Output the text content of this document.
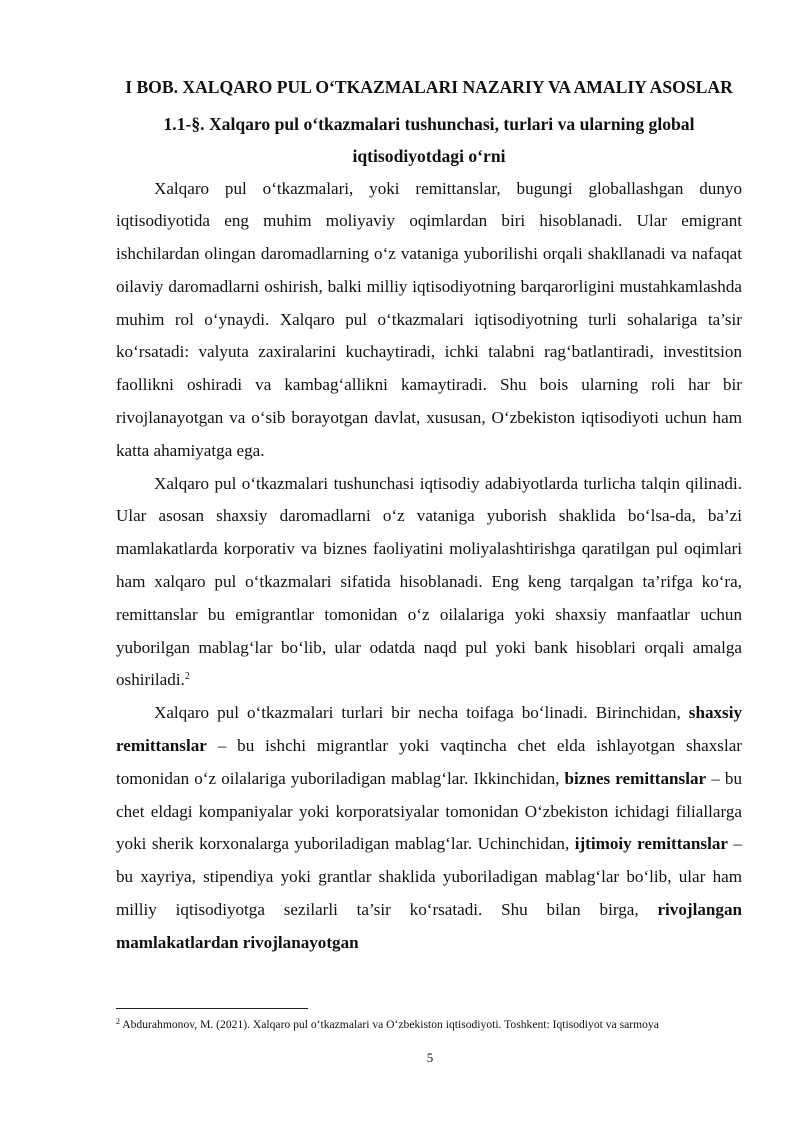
I BOB. XALQARO PUL O‘TKAZMALARI NAZARIY VA AMALIY ASOSLAR
1.1-§. Xalqaro pul o‘tkazmalari tushunchasi, turlari va ularning global iqtisodiyotdagi o‘rni

Xalqaro pul o‘tkazmalari, yoki remittanslar, bugungi globallashgan dunyo iqtisodiyotida eng muhim moliyaviy oqimlardan biri hisoblanadi. Ular emigrant ishchilardan olingan daromadlarning o‘z vataniga yuborilishi orqali shakllanadi va nafaqat oilaviy daromadlarni oshirish, balki milliy iqtisodiyotning barqarorligini mustahkamlashda muhim rol o‘ynaydi. Xalqaro pul o‘tkazmalari iqtisodiyotning turli sohalariga ta’sir ko‘rsatadi: valyuta zaxiralarini kuchaytiradi, ichki talabni rag‘batlantiradi, investitsion faollikni oshiradi va kambag‘allikni kamaytiradi. Shu bois ularning roli har bir rivojlanayotgan va o‘sib borayotgan davlat, xususan, O‘zbekiston iqtisodiyoti uchun ham katta ahamiyatga ega.

Xalqaro pul o‘tkazmalari tushunchasi iqtisodiy adabiyotlarda turlicha talqin qilinadi. Ular asosan shaxsiy daromadlarni o‘z vataniga yuborish shaklida bo‘lsa-da, ba’zi mamlakatlarda korporativ va biznes faoliyatini moliyalashtirishga qaratilgan pul oqimlari ham xalqaro pul o‘tkazmalari sifatida hisoblanadi. Eng keng tarqalgan ta’rifga ko‘ra, remittanslar bu emigrantlar tomonidan o‘z oilalariga yoki shaxsiy manfaatlar uchun yuborilgan mablag‘lar bo‘lib, ular odatda naqd pul yoki bank hisoblari orqali amalga oshiriladi.$^2$

Xalqaro pul o‘tkazmalari turlari bir necha toifaga bo‘linadi. Birinchidan, shaxsiy remittanslar – bu ishchi migrantlar yoki vaqtincha chet elda ishlayotgan shaxslar tomonidan o‘z oilalariga yuboriladigan mablag‘lar. Ikkinchidan, biznes remittanslar – bu chet eldagi kompaniyalar yoki korporatsiyalar tomonidan O‘zbekiston ichidagi filiallarga yoki sherik korxonalarga yuboriladigan mablag‘lar. Uchinchidan, ijtimoiy remittanslar – bu xayriya, stipendiya yoki grantlar shaklida yuboriladigan mablag‘lar bo‘lib, ular ham milliy iqtisodiyotga sezilarli ta’sir ko‘rsatadi. Shu bilan birga, rivojlangan mamlakatlardan rivojlanayotgan

$^2$ Abdurahmonov, M. (2021). Xalqaro pul o‘tkazmalari va O‘zbekiston iqtisodiyoti. Toshkent: Iqtisodiyot va sarmoya
5
